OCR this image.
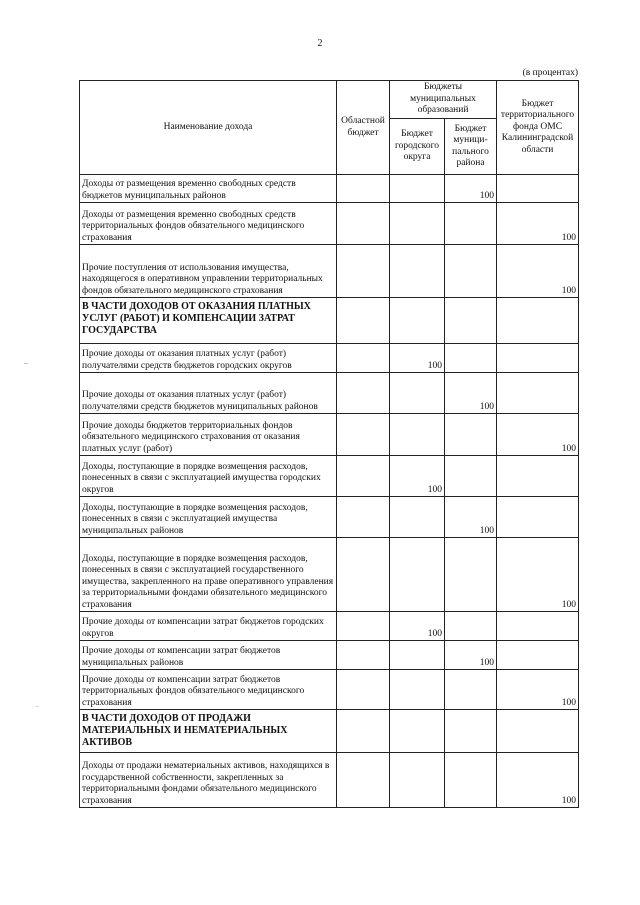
2
(в процентах)
–
.
Наименование дохода	Областной бюджет	Бюджеты муниципальных образований		Бюджет территориального фонда ОМС Калининградской области
		Бюджет городского округа	Бюджет муници-пального района	
Доходы от размещения временно свободных средств бюджетов муниципальных районов			100	
Доходы от размещения временно свободных средств территориальных фондов обязательного медицинского страхования				100
Прочие поступления от использования имущества, находящегося в оперативном управлении территориальных фондов обязательного медицинского страхования				100
В ЧАСТИ ДОХОДОВ ОТ ОКАЗАНИЯ ПЛАТНЫХ УСЛУГ (РАБОТ) И КОМПЕНСАЦИИ ЗАТРАТ ГОСУДАРСТВА				
Прочие доходы от оказания платных услуг (работ) получателями средств бюджетов городских округов		100		
Прочие доходы от оказания платных услуг (работ) получателями средств бюджетов муниципальных районов			100	
Прочие доходы бюджетов территориальных фондов обязательного медицинского страхования от оказания платных услуг (работ)				100
Доходы, поступающие в порядке возмещения расходов, понесенных в связи с эксплуатацией имущества городских округов		100		
Доходы, поступающие в порядке возмещения расходов, понесенных в связи с эксплуатацией имущества муниципальных районов			100	
Доходы, поступающие в порядке возмещения расходов, понесенных в связи с эксплуатацией государственного имущества, закрепленного на праве оперативного управления за территориальными фондами обязательного медицинского страхования				100
Прочие доходы от компенсации затрат бюджетов городских округов		100		
Прочие доходы от компенсации затрат бюджетов муниципальных районов			100	
Прочие доходы от компенсации затрат бюджетов территориальных фондов обязательного медицинского страхования				100
В ЧАСТИ ДОХОДОВ ОТ ПРОДАЖИ МАТЕРИАЛЬНЫХ И НЕМАТЕРИАЛЬНЫХ АКТИВОВ				
Доходы от продажи нематериальных активов, находящихся в государственной собственности, закрепленных за территориальными фондами обязательного медицинского страхования				100
